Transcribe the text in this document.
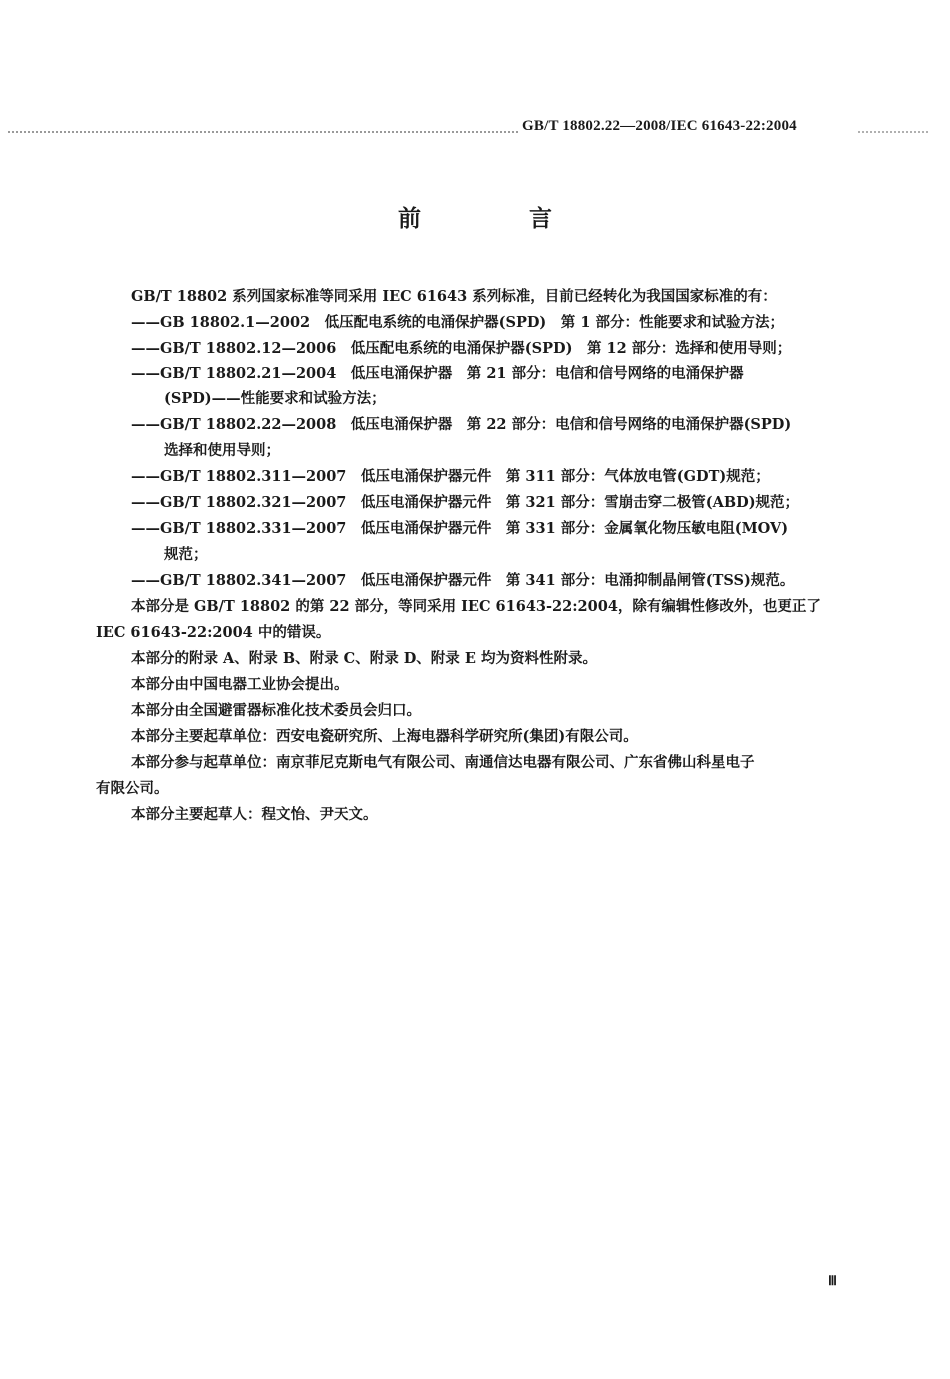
GB/T 18802.22—2008/IEC 61643-22:2004
前 言
GB/T 18802 系列国家标准等同采用 IEC 61643 系列标准，目前已经转化为我国国家标准的有：
——GB 18802.1—2002　低压配电系统的电涌保护器(SPD)　第 1 部分：性能要求和试验方法；
——GB/T 18802.12—2006　低压配电系统的电涌保护器(SPD)　第 12 部分：选择和使用导则；
——GB/T 18802.21—2004　低压电涌保护器　第 21 部分：电信和信号网络的电涌保护器
(SPD)——性能要求和试验方法；
——GB/T 18802.22—2008　低压电涌保护器　第 22 部分：电信和信号网络的电涌保护器(SPD)
选择和使用导则；
——GB/T 18802.311—2007　低压电涌保护器元件　第 311 部分：气体放电管(GDT)规范；
——GB/T 18802.321—2007　低压电涌保护器元件　第 321 部分：雪崩击穿二极管(ABD)规范；
——GB/T 18802.331—2007　低压电涌保护器元件　第 331 部分：金属氧化物压敏电阻(MOV)
规范；
——GB/T 18802.341—2007　低压电涌保护器元件　第 341 部分：电涌抑制晶闸管(TSS)规范。
本部分是 GB/T 18802 的第 22 部分，等同采用 IEC 61643-22:2004，除有编辑性修改外，也更正了
IEC 61643-22:2004 中的错误。
本部分的附录 A、附录 B、附录 C、附录 D、附录 E 均为资料性附录。
本部分由中国电器工业协会提出。
本部分由全国避雷器标准化技术委员会归口。
本部分主要起草单位：西安电瓷研究所、上海电器科学研究所(集团)有限公司。
本部分参与起草单位：南京菲尼克斯电气有限公司、南通信达电器有限公司、广东省佛山科星电子
有限公司。
本部分主要起草人：程文怡、尹天文。
Ⅲ
